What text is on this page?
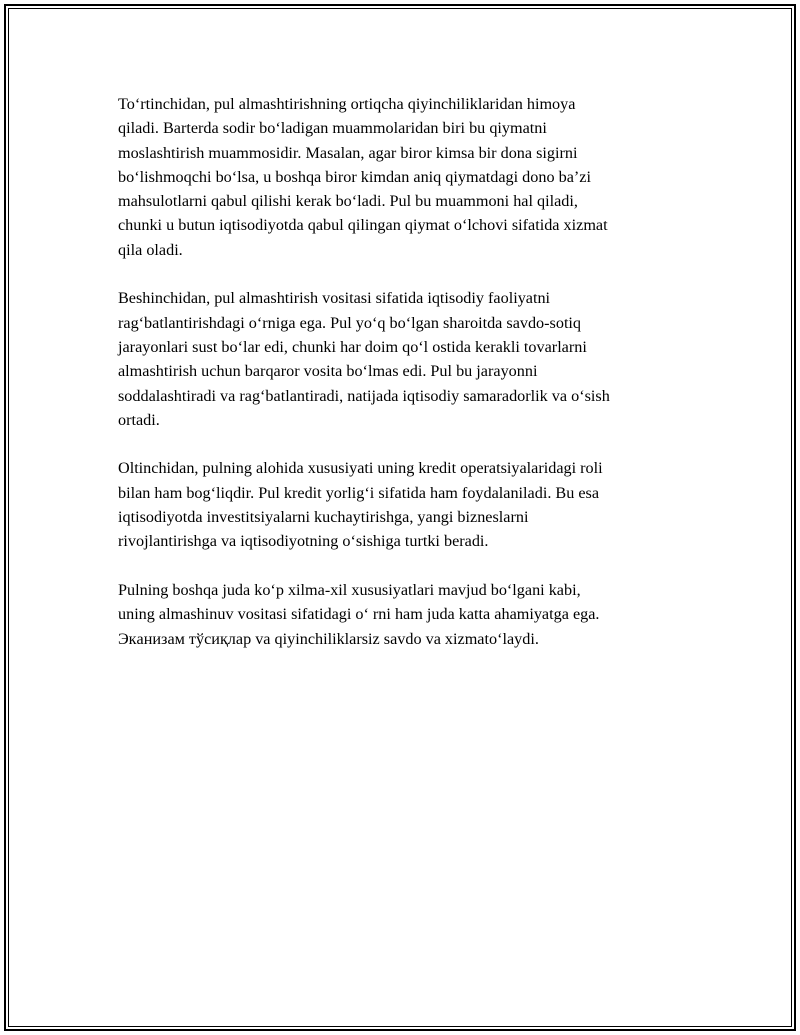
To‘rtinchidan, pul almashtirishning ortiqcha qiyinchiliklaridan himoya
qiladi. Barterda sodir bo‘ladigan muammolaridan biri bu qiymatni
moslashtirish muammosidir. Masalan, agar biror kimsa bir dona sigirni
bo‘lishmoqchi bo‘lsa, u boshqa biror kimdan aniq qiymatdagi dono ba’zi
mahsulotlarni qabul qilishi kerak bo‘ladi. Pul bu muammoni hal qiladi,
chunki u butun iqtisodiyotda qabul qilingan qiymat o‘lchovi sifatida xizmat
qila oladi.

Beshinchidan, pul almashtirish vositasi sifatida iqtisodiy faoliyatni
rag‘batlantirishdagi o‘rniga ega. Pul yo‘q bo‘lgan sharoitda savdo-sotiq
jarayonlari sust bo‘lar edi, chunki har doim qo‘l ostida kerakli tovarlarni
almashtirish uchun barqaror vosita bo‘lmas edi. Pul bu jarayonni
soddalashtiradi va rag‘batlantiradi, natijada iqtisodiy samaradorlik va o‘sish
ortadi.

Oltinchidan, pulning alohida xususiyati uning kredit operatsiyalaridagi roli
bilan ham bog‘liqdir. Pul kredit yorlig‘i sifatida ham foydalaniladi. Bu esa
iqtisodiyotda investitsiyalarni kuchaytirishga, yangi bizneslarni
rivojlantirishga va iqtisodiyotning o‘sishiga turtki beradi.

Pulning boshqa juda ko‘p xilma-xil xususiyatlari mavjud bo‘lgani kabi,
uning almashinuv vositasi sifatidagi o‘ rni ham juda katta ahamiyatga ega.
Экaнизам тўсиқлар va qiyinchiliklarsiz savdo va xizmato‘laydi.
